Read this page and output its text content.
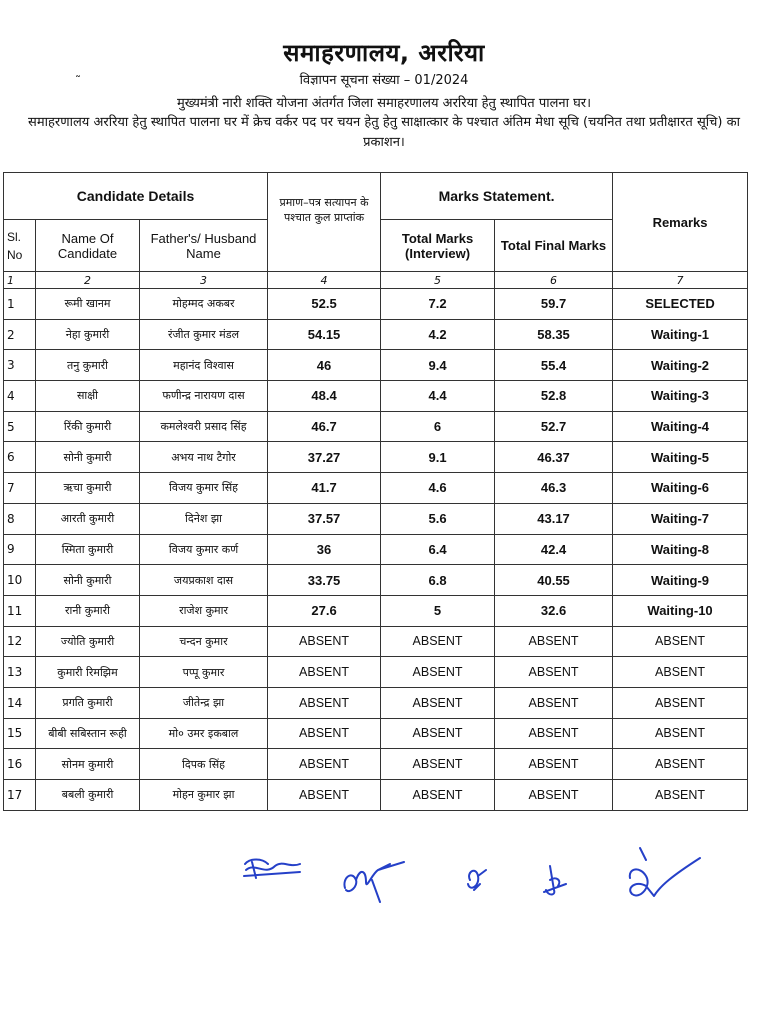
समाहरणालय, अररिया
˜	विज्ञापन सूचना संख्या – 01/2024
मुख्यमंत्री नारी शक्ति योजना अंतर्गत जिला समाहरणालय अररिया हेतु स्थापित पालना घर।
समाहरणालय अररिया हेतु स्थापित पालना घर में क्रेच वर्कर पद पर चयन हेतु हेतु साक्षात्कार के पश्चात अंतिम मेधा सूचि (चयनित तथा प्रतीक्षारत सूचि) का प्रकाशन।
Candidate Details			प्रमाण–पत्र सत्यापन के पश्चात कुल प्राप्तांक	Marks Statement.		Remarks
Sl. No	Name Of Candidate	Father's/ Husband Name		Total Marks (Interview)	Total Final Marks	
1	2	3	4	5	6	7
1	रूमी खानम	मोहम्मद अकबर	52.5	7.2	59.7	SELECTED
2	नेहा कुमारी	रंजीत कुमार मंडल	54.15	4.2	58.35	Waiting-1
3	तनु कुमारी	महानंद विश्वास	46	9.4	55.4	Waiting-2
4	साक्षी	फणीन्द्र नारायण दास	48.4	4.4	52.8	Waiting-3
5	रिंकी कुमारी	कमलेश्वरी प्रसाद सिंह	46.7	6	52.7	Waiting-4
6	सोनी कुमारी	अभय नाथ टैगोर	37.27	9.1	46.37	Waiting-5
7	ऋचा कुमारी	विजय कुमार सिंह	41.7	4.6	46.3	Waiting-6
8	आरती कुमारी	दिनेश झा	37.57	5.6	43.17	Waiting-7
9	स्मिता कुमारी	विजय कुमार कर्ण	36	6.4	42.4	Waiting-8
10	सोनी कुमारी	जयप्रकाश दास	33.75	6.8	40.55	Waiting-9
11	रानी कुमारी	राजेश कुमार	27.6	5	32.6	Waiting-10
12	ज्योति कुमारी	चन्दन कुमार	ABSENT	ABSENT	ABSENT	ABSENT
13	कुमारी रिमझिम	पप्पू कुमार	ABSENT	ABSENT	ABSENT	ABSENT
14	प्रगति कुमारी	जीतेन्द्र झा	ABSENT	ABSENT	ABSENT	ABSENT
15	बीबी सबिस्तान रूही	मो० उमर इकबाल	ABSENT	ABSENT	ABSENT	ABSENT
16	सोनम कुमारी	दिपक सिंह	ABSENT	ABSENT	ABSENT	ABSENT
17	बबली कुमारी	मोहन कुमार झा	ABSENT	ABSENT	ABSENT	ABSENT
